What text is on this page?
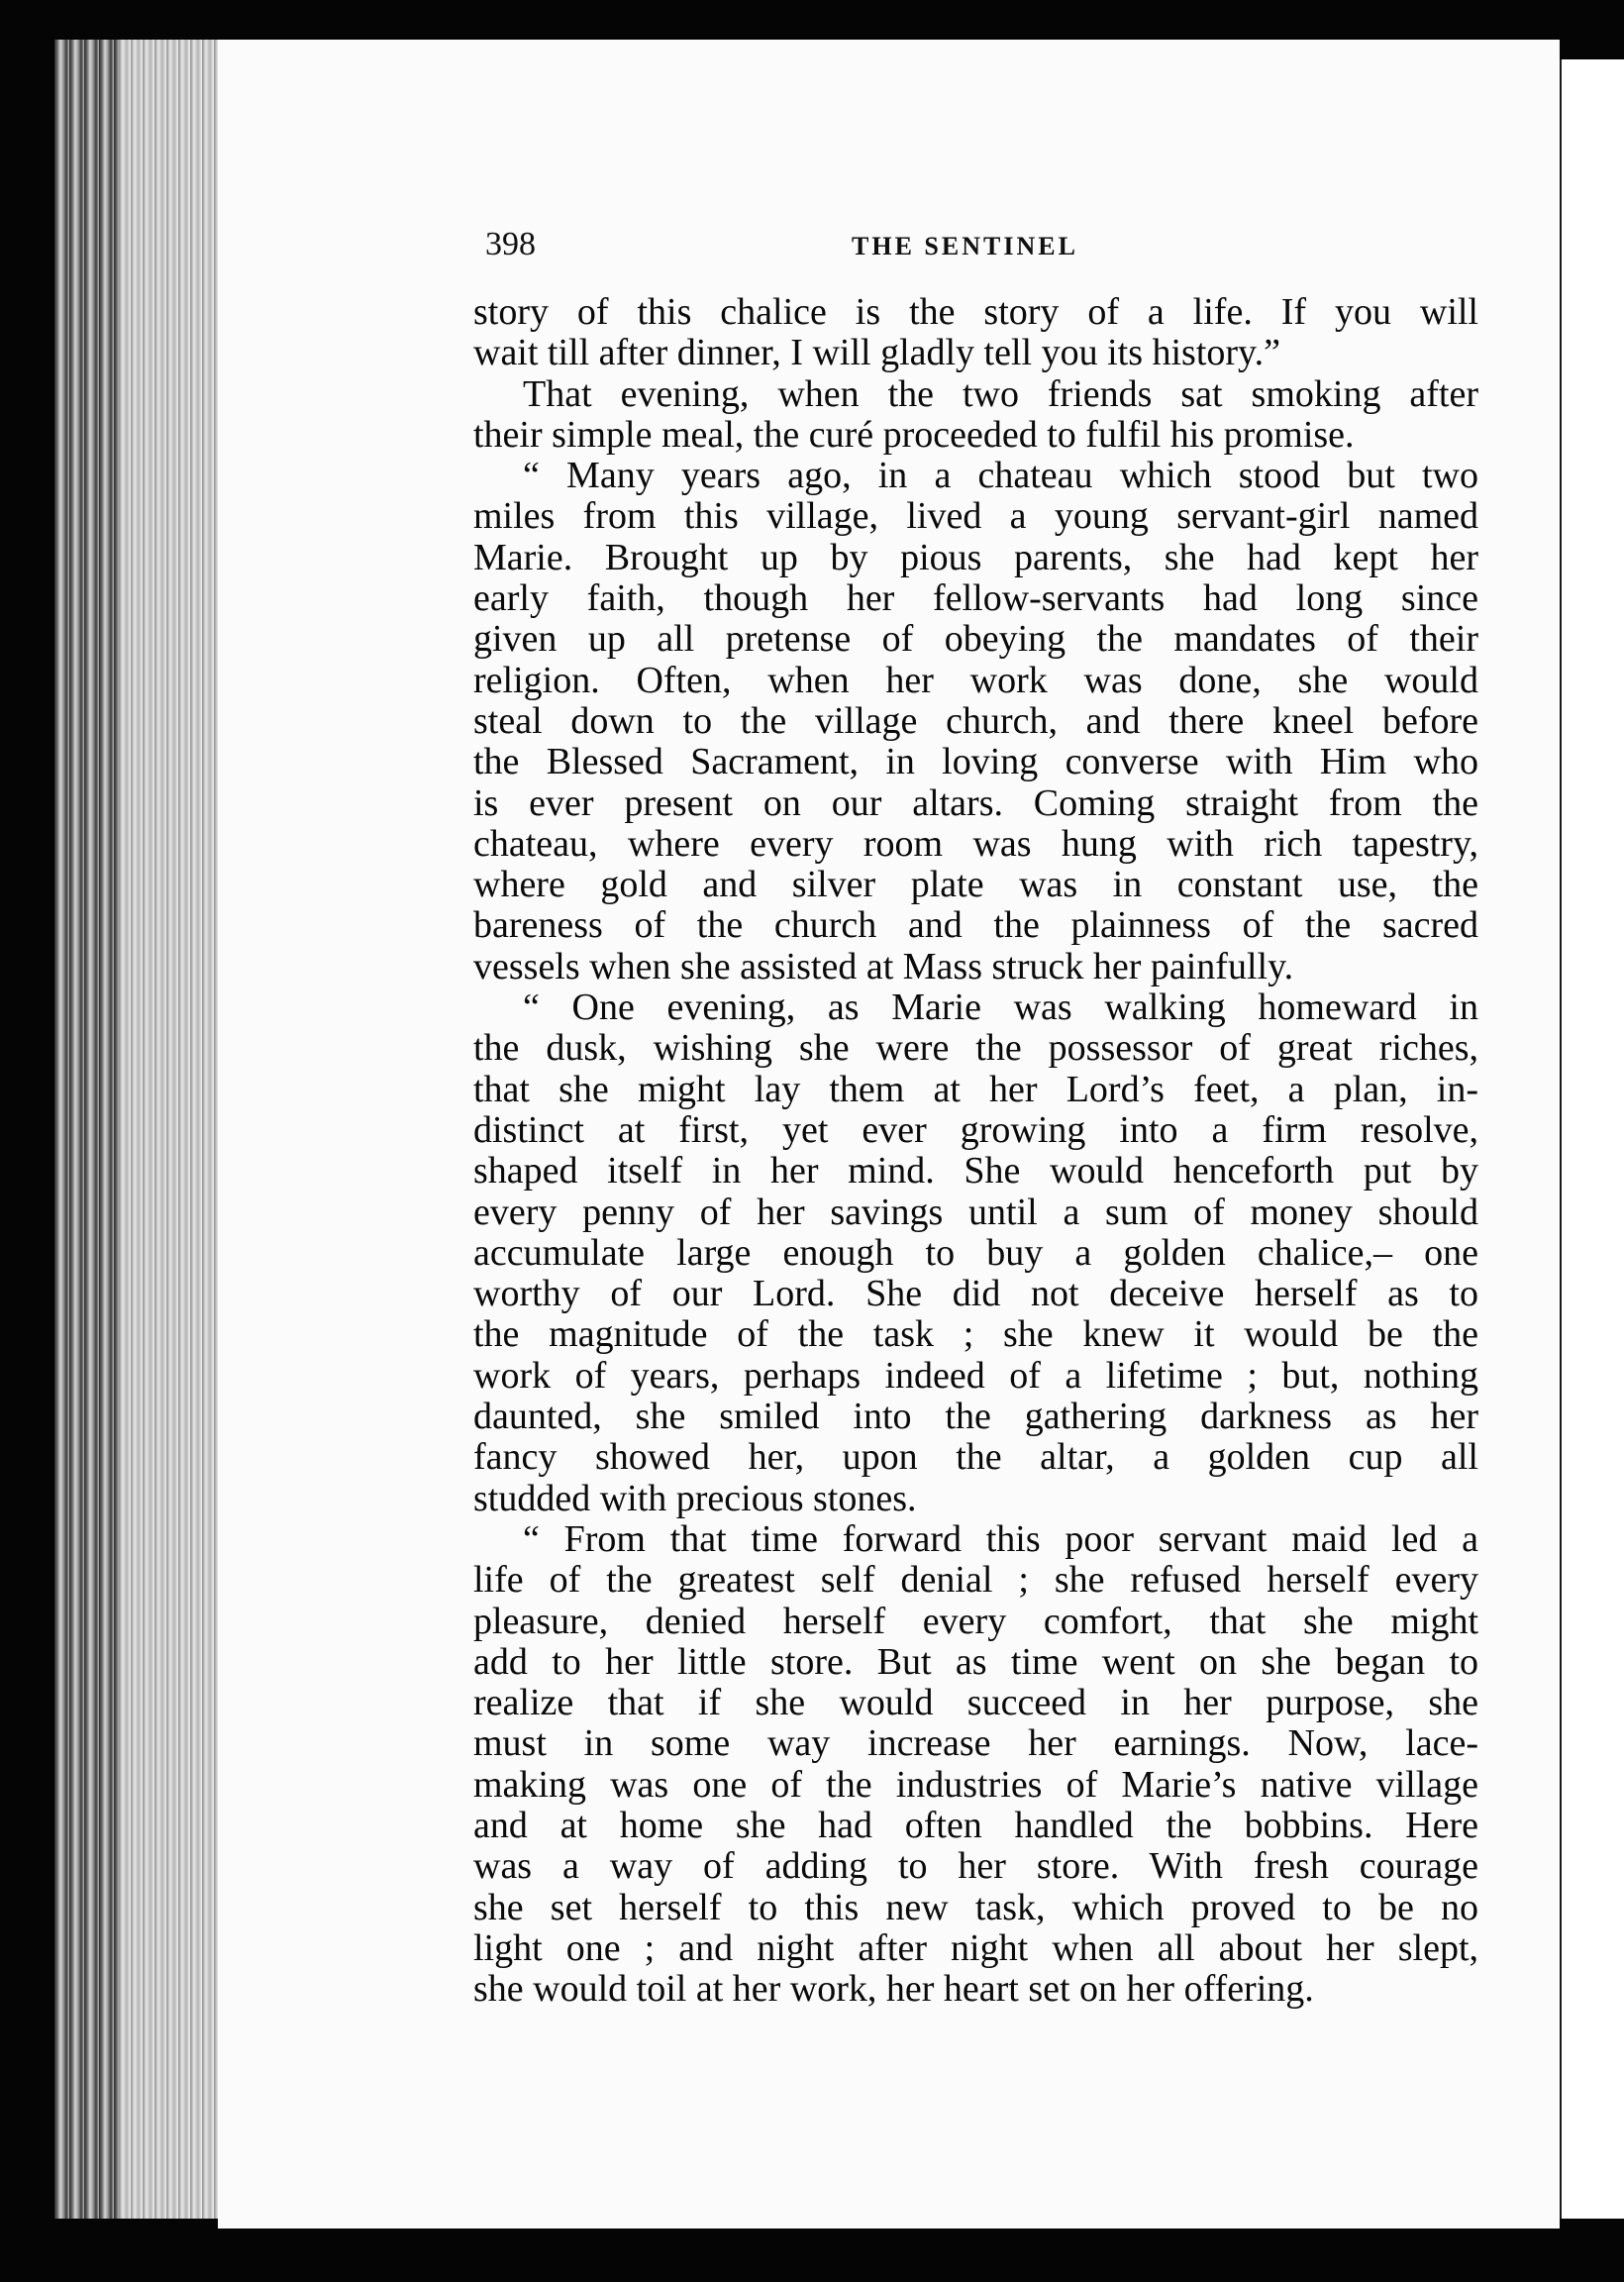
398	THE SENTINEL
story of this chalice is the story of a life. If you will
wait till after dinner, I will gladly tell you its history.”
That evening, when the two friends sat smoking after
their simple meal, the curé proceeded to fulfil his promise.
“ Many years ago, in a chateau which stood but two
miles from this village, lived a young servant-girl named
Marie. Brought up by pious parents, she had kept her
early faith, though her fellow-servants had long since
given up all pretense of obeying the mandates of their
religion. Often, when her work was done, she would
steal down to the village church, and there kneel before
the Blessed Sacrament, in loving converse with Him who
is ever present on our altars. Coming straight from the
chateau, where every room was hung with rich tapestry,
where gold and silver plate was in constant use, the
bareness of the church and the plainness of the sacred
vessels when she assisted at Mass struck her painfully.
“ One evening, as Marie was walking homeward in
the dusk, wishing she were the possessor of great riches,
that she might lay them at her Lord’s feet, a plan, in-
distinct at first, yet ever growing into a firm resolve,
shaped itself in her mind. She would henceforth put by
every penny of her savings until a sum of money should
accumulate large enough to buy a golden chalice,– one
worthy of our Lord. She did not deceive herself as to
the magnitude of the task ; she knew it would be the
work of years, perhaps indeed of a lifetime ; but, nothing
daunted, she smiled into the gathering darkness as her
fancy showed her, upon the altar, a golden cup all
studded with precious stones.
“ From that time forward this poor servant maid led a
life of the greatest self denial ; she refused herself every
pleasure, denied herself every comfort, that she might
add to her little store. But as time went on she began to
realize that if she would succeed in her purpose, she
must in some way increase her earnings. Now, lace-
making was one of the industries of Marie’s native village
and at home she had often handled the bobbins. Here
was a way of adding to her store. With fresh courage
she set herself to this new task, which proved to be no
light one ; and night after night when all about her slept,
she would toil at her work, her heart set on her offering.
